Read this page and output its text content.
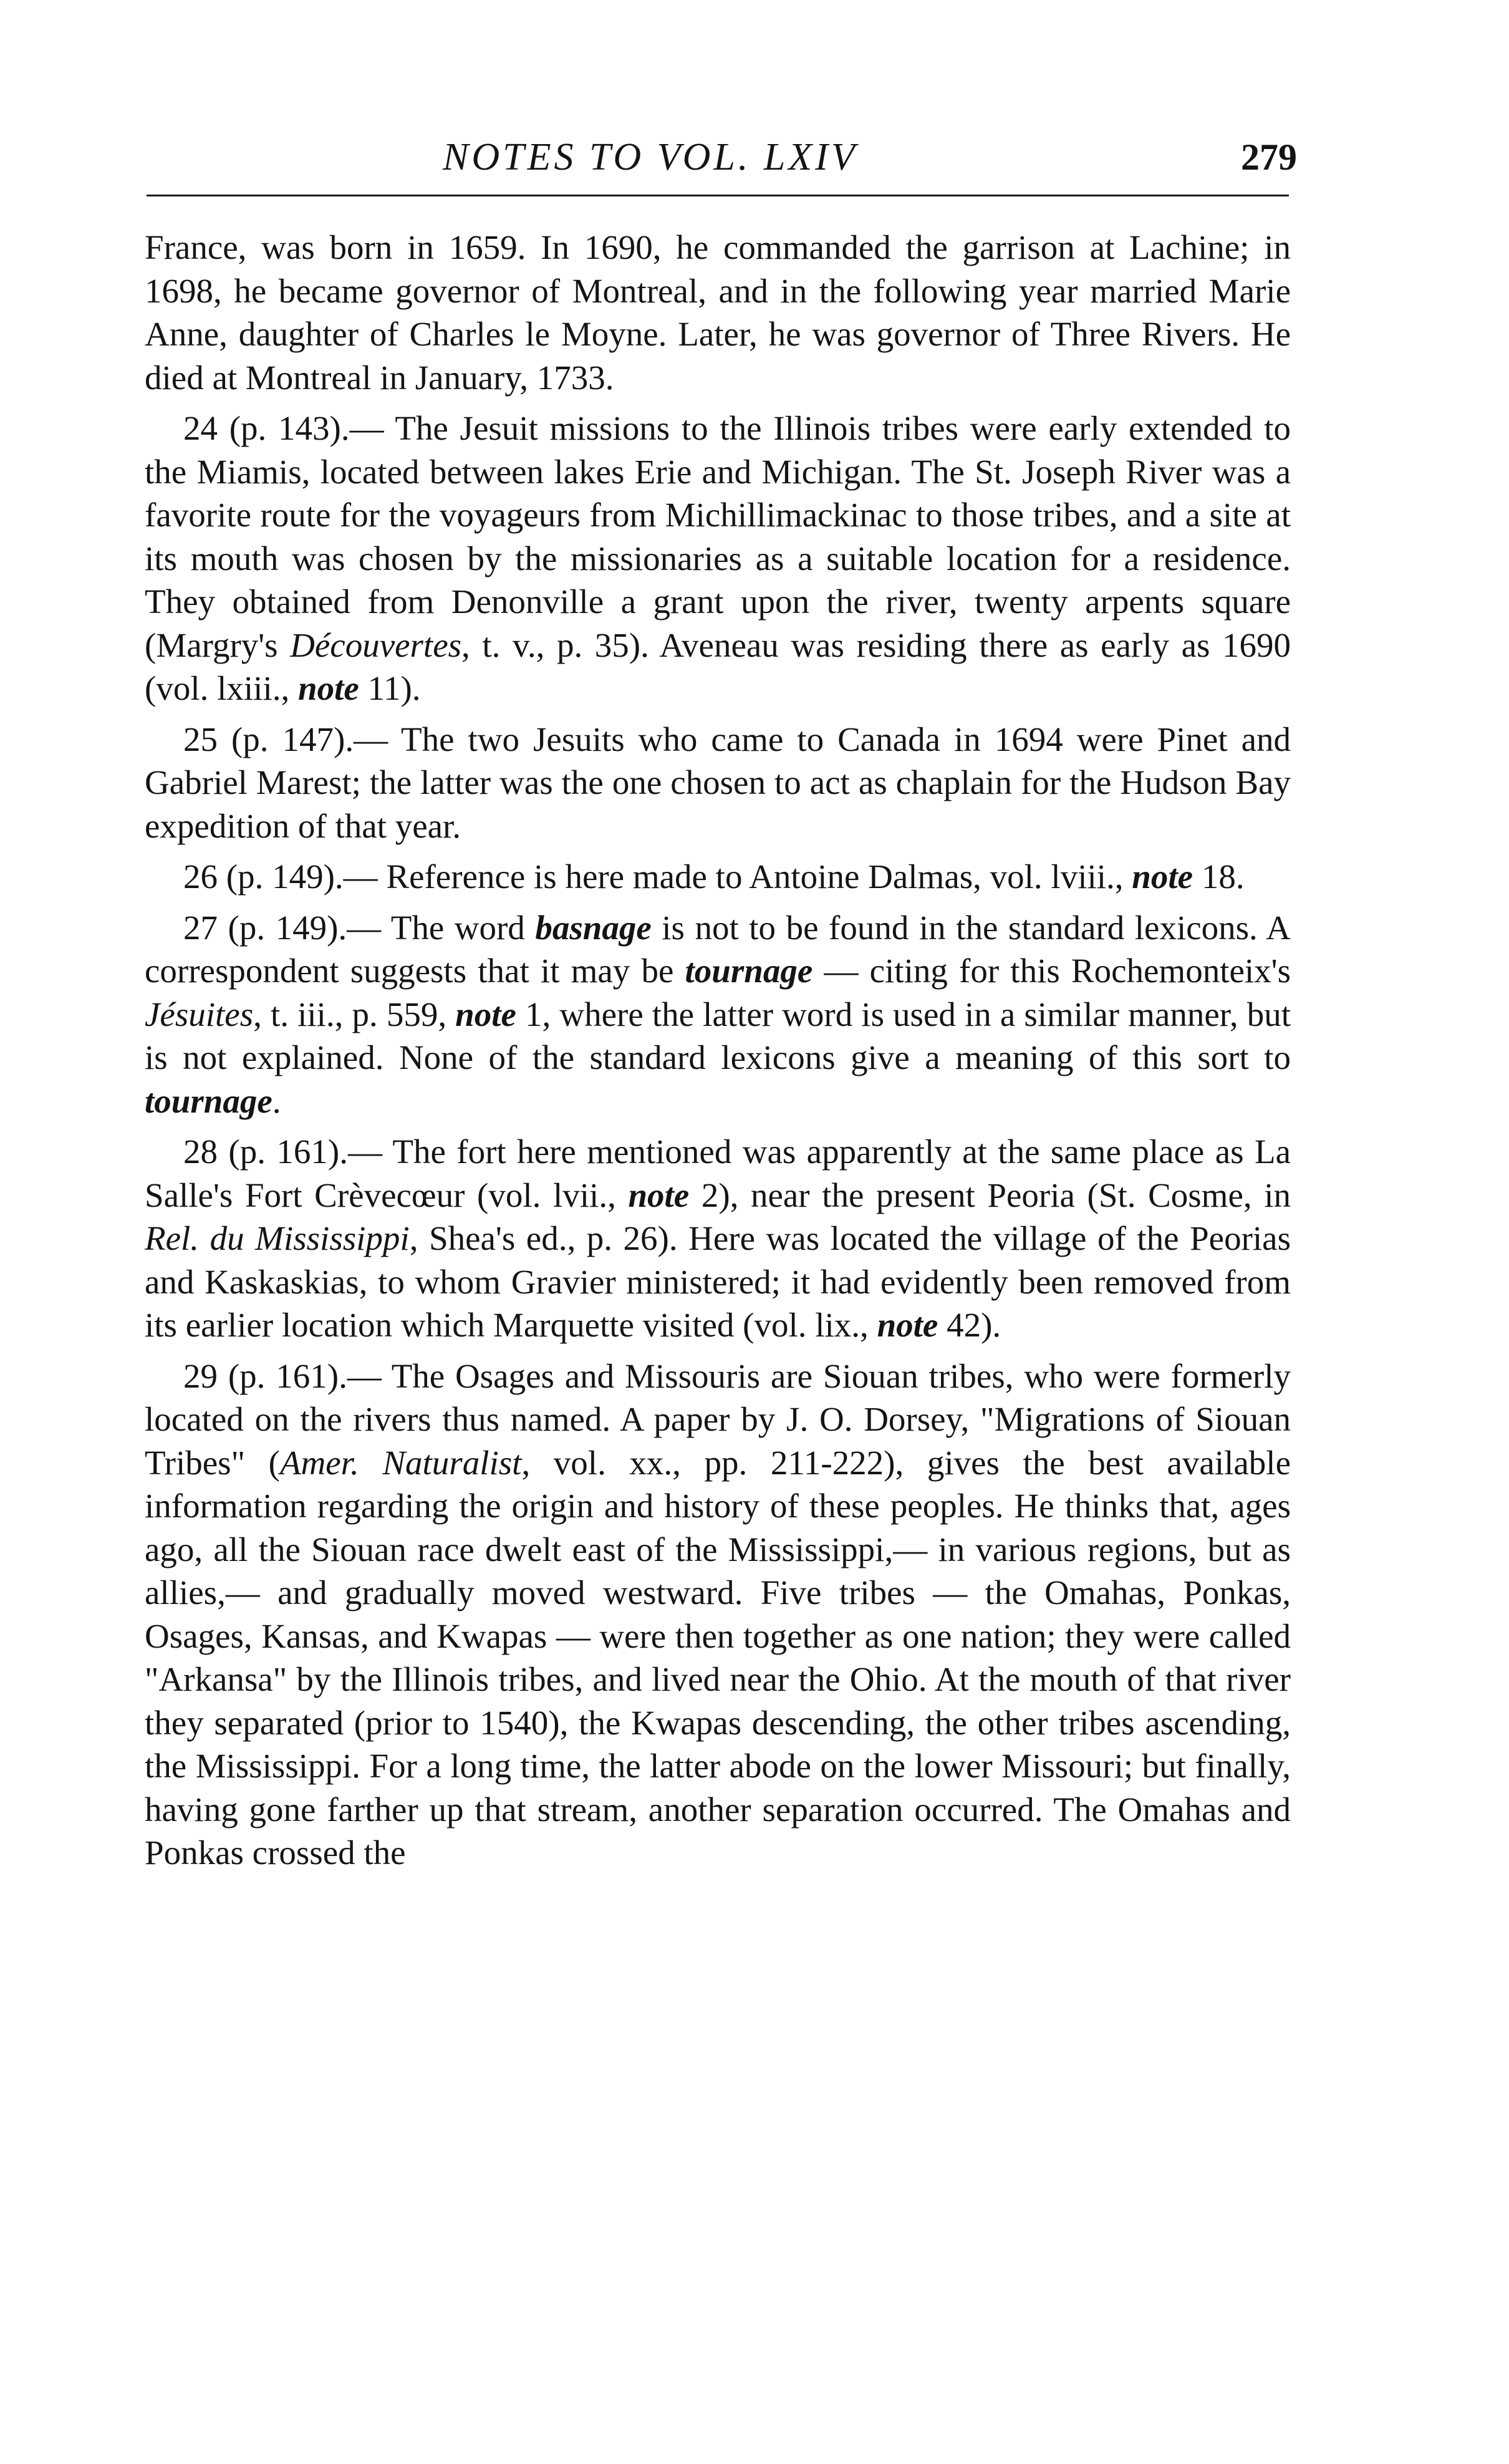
NOTES TO VOL. LXIV	279

France, was born in 1659. In 1690, he commanded the garrison at Lachine; in 1698, he became governor of Montreal, and in the following year married Marie Anne, daughter of Charles le Moyne. Later, he was governor of Three Rivers. He died at Montreal in January, 1733.

24 (p. 143).— The Jesuit missions to the Illinois tribes were early extended to the Miamis, located between lakes Erie and Michigan. The St. Joseph River was a favorite route for the voyageurs from Michillimackinac to those tribes, and a site at its mouth was chosen by the missionaries as a suitable location for a residence. They obtained from Denonville a grant upon the river, twenty arpents square (Margry's Découvertes, t. v., p. 35). Aveneau was residing there as early as 1690 (vol. lxiii., note 11).

25 (p. 147).— The two Jesuits who came to Canada in 1694 were Pinet and Gabriel Marest; the latter was the one chosen to act as chaplain for the Hudson Bay expedition of that year.

26 (p. 149).— Reference is here made to Antoine Dalmas, vol. lviii., note 18.

27 (p. 149).— The word basnage is not to be found in the standard lexicons. A correspondent suggests that it may be tournage — citing for this Rochemonteix's Jésuites, t. iii., p. 559, note 1, where the latter word is used in a similar manner, but is not explained. None of the standard lexicons give a meaning of this sort to tournage.

28 (p. 161).— The fort here mentioned was apparently at the same place as La Salle's Fort Crèvecœur (vol. lvii., note 2), near the present Peoria (St. Cosme, in Rel. du Mississippi, Shea's ed., p. 26). Here was located the village of the Peorias and Kaskaskias, to whom Gravier ministered; it had evidently been removed from its earlier location which Marquette visited (vol. lix., note 42).

29 (p. 161).— The Osages and Missouris are Siouan tribes, who were formerly located on the rivers thus named. A paper by J. O. Dorsey, "Migrations of Siouan Tribes" (Amer. Naturalist, vol. xx., pp. 211-222), gives the best available information regarding the origin and history of these peoples. He thinks that, ages ago, all the Siouan race dwelt east of the Mississippi,— in various regions, but as allies,— and gradually moved westward. Five tribes — the Omahas, Ponkas, Osages, Kansas, and Kwapas — were then together as one nation; they were called "Arkansa" by the Illinois tribes, and lived near the Ohio. At the mouth of that river they separated (prior to 1540), the Kwapas descending, the other tribes ascending, the Mississippi. For a long time, the latter abode on the lower Missouri; but finally, having gone farther up that stream, another separation occurred. The Omahas and Ponkas crossed the
